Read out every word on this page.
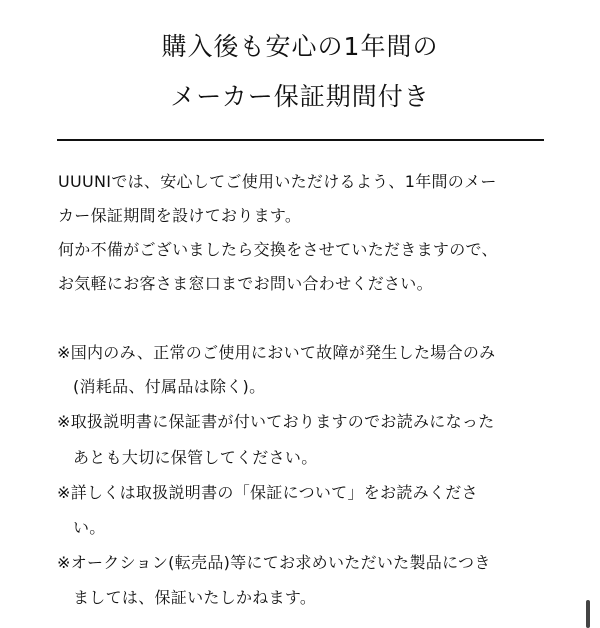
購入後も安心の1年間の
メーカー保証期間付き
UUUNIでは、安心してご使用いただけるよう、1年間のメー
カー保証期間を設けております。
何か不備がございましたら交換をさせていただきますので、
お気軽にお客さま窓口までお問い合わせください。
※国内のみ、正常のご使用において故障が発生した場合のみ
(消耗品、付属品は除く)。
※取扱説明書に保証書が付いておりますのでお読みになった
あとも大切に保管してください。
※詳しくは取扱説明書の「保証について」をお読みくださ
い。
※オークション(転売品)等にてお求めいただいた製品につき
ましては、保証いたしかねます。
